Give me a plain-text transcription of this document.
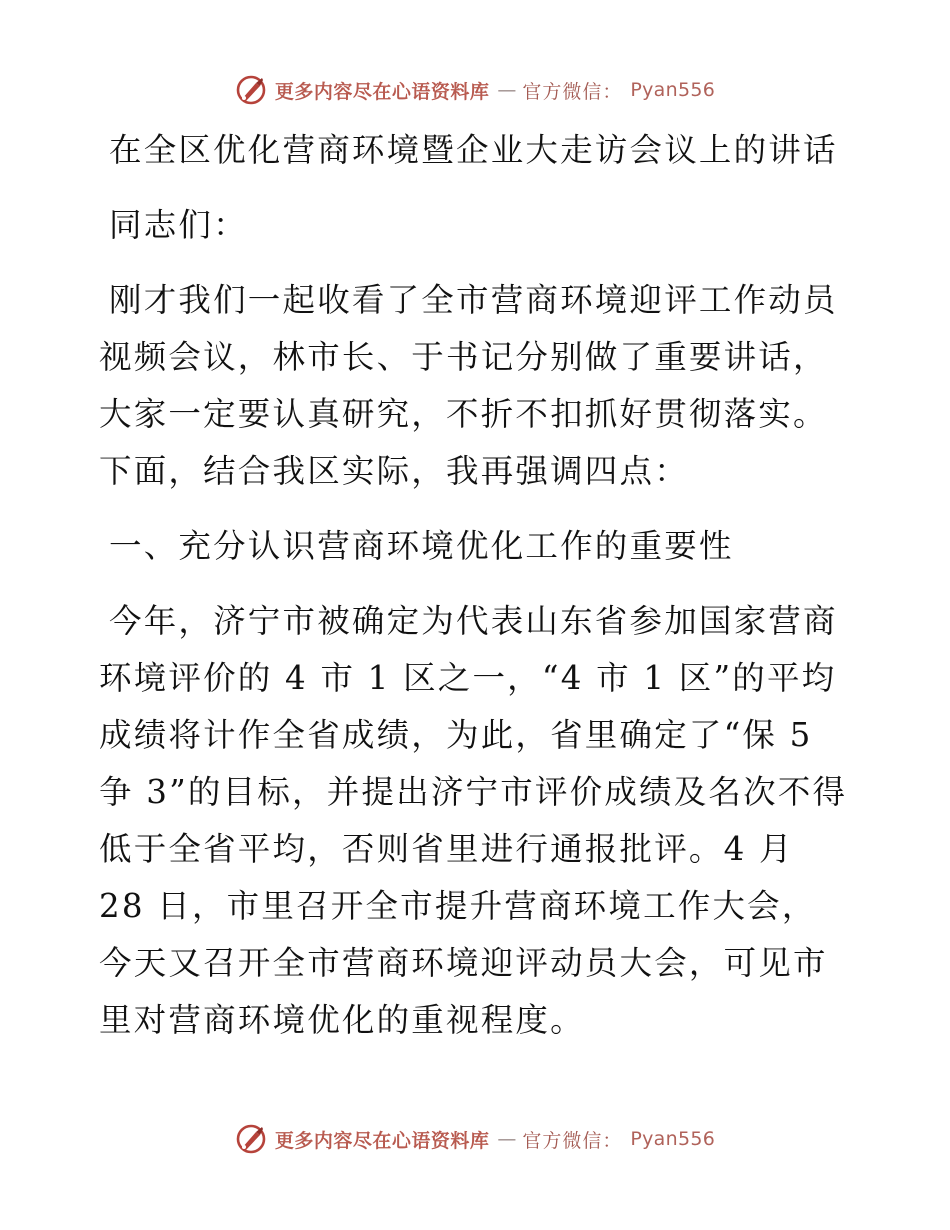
更多内容尽在心语资料库 — 官方微信： Pyan556

在全区优化营商环境暨企业大走访会议上的讲话

同志们：

刚才我们一起收看了全市营商环境迎评工作动员视频会议，林市长、于书记分别做了重要讲话，大家一定要认真研究，不折不扣抓好贯彻落实。下面，结合我区实际，我再强调四点：

一、充分认识营商环境优化工作的重要性

今年，济宁市被确定为代表山东省参加国家营商环境评价的 4 市 1 区之一，“4 市 1 区”的平均成绩将计作全省成绩，为此，省里确定了“保 5 争 3”的目标，并提出济宁市评价成绩及名次不得低于全省平均，否则省里进行通报批评。4 月 28 日，市里召开全市提升营商环境工作大会，今天又召开全市营商环境迎评动员大会，可见市里对营商环境优化的重视程度。

更多内容尽在心语资料库 — 官方微信： Pyan556
